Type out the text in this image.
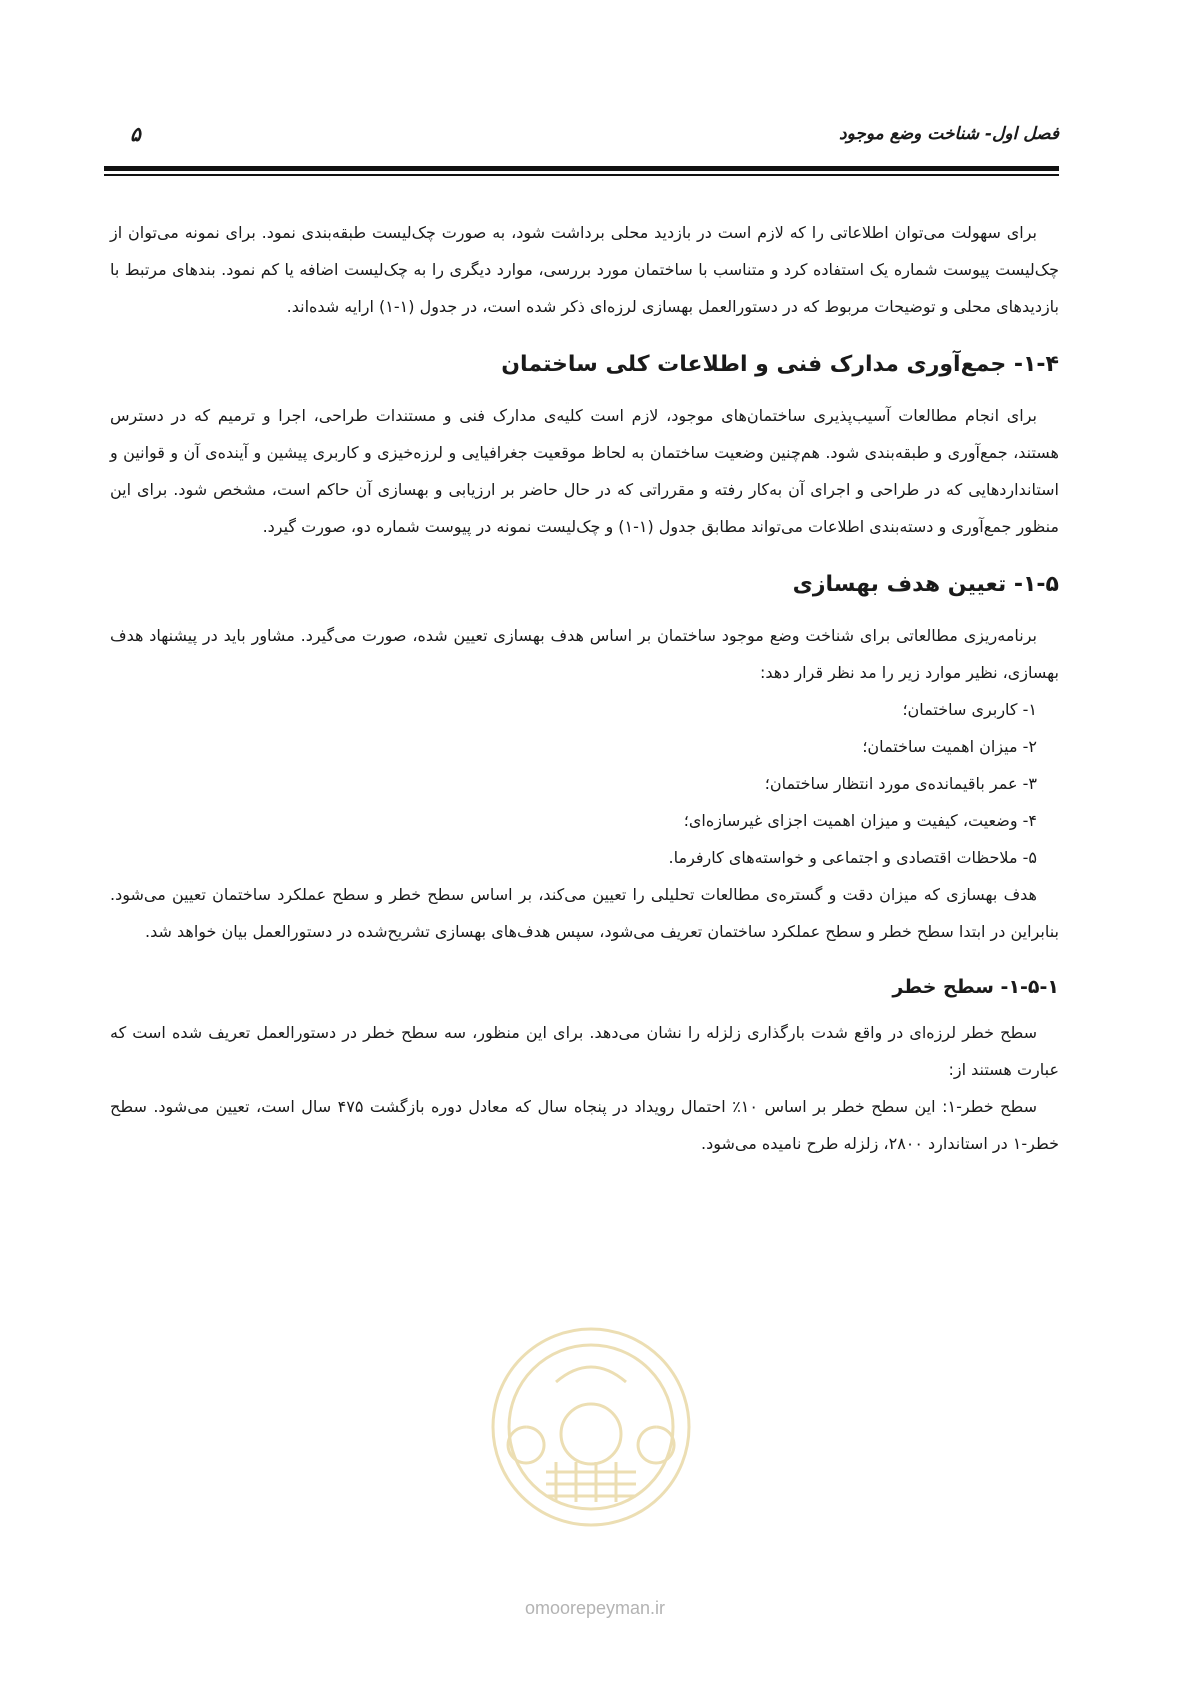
فصل اول- شناخت وضع موجود
۵

برای سهولت می‌توان اطلاعاتی را که لازم است در بازدید محلی برداشت شود، به صورت چک‌لیست طبقه‌بندی نمود. برای نمونه می‌توان از چک‌لیست پیوست شماره یک استفاده کرد و متناسب با ساختمان مورد بررسی، موارد دیگری را به چک‌لیست اضافه یا کم نمود. بندهای مرتبط با بازدیدهای محلی و توضیحات مربوط که در دستورالعمل بهسازی لرزه‌ای ذکر شده است، در جدول (۱-۱) ارایه شده‌اند.

۱-۴- جمع‌آوری مدارک فنی و اطلاعات کلی ساختمان

برای انجام مطالعات آسیب‌پذیری ساختمان‌های موجود، لازم است کلیه‌ی مدارک فنی و مستندات طراحی، اجرا و ترمیم که در دسترس هستند، جمع‌آوری و طبقه‌بندی شود. هم‌چنین وضعیت ساختمان به لحاظ موقعیت جغرافیایی و لرزه‌خیزی و کاربری پیشین و آینده‌ی آن و قوانین و استانداردهایی که در طراحی و اجرای آن به‌کار رفته و مقرراتی که در حال حاضر بر ارزیابی و بهسازی آن حاکم است، مشخص شود. برای این منظور جمع‌آوری و دسته‌بندی اطلاعات می‌تواند مطابق جدول (۱-۱) و چک‌لیست نمونه در پیوست شماره دو، صورت گیرد.

۱-۵- تعیین هدف بهسازی

برنامه‌ریزی مطالعاتی برای شناخت وضع موجود ساختمان بر اساس هدف بهسازی تعیین شده، صورت می‌گیرد. مشاور باید در پیشنهاد هدف بهسازی، نظیر موارد زیر را مد نظر قرار دهد:

۱- کاربری ساختمان؛
۲- میزان اهمیت ساختمان؛
۳- عمر باقیمانده‌ی مورد انتظار ساختمان؛
۴- وضعیت، کیفیت و میزان اهمیت اجزای غیرسازه‌ای؛
۵- ملاحظات اقتصادی و اجتماعی و خواسته‌های کارفرما.

هدف بهسازی که میزان دقت و گستره‌ی مطالعات تحلیلی را تعیین می‌کند، بر اساس سطح خطر و سطح عملکرد ساختمان تعیین می‌شود. بنابراین در ابتدا سطح خطر و سطح عملکرد ساختمان تعریف می‌شود، سپس هدف‌های بهسازی تشریح‌شده در دستورالعمل بیان خواهد شد.

۱-۵-۱- سطح خطر

سطح خطر لرزه‌ای در واقع شدت بارگذاری زلزله را نشان می‌دهد. برای این منظور، سه سطح خطر در دستورالعمل تعریف شده است که عبارت هستند از:

سطح خطر-۱: این سطح خطر بر اساس ۱۰٪ احتمال رویداد در پنجاه سال که معادل دوره بازگشت ۴۷۵ سال است، تعیین می‌شود. سطح خطر-۱ در استاندارد ۲۸۰۰، زلزله طرح نامیده می‌شود.

omoorepeyman.ir
